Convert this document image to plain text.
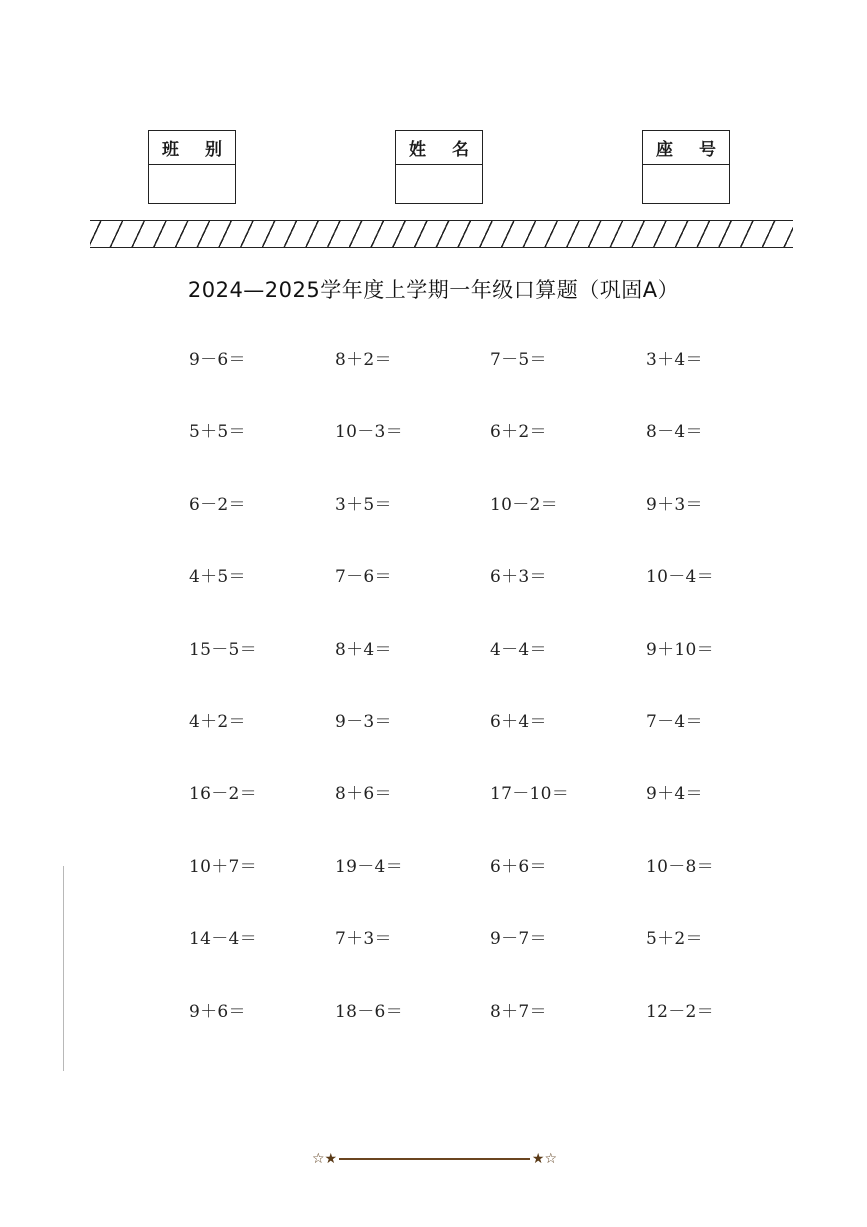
班 别	姓 名	座 号
2024—2025学年度上学期一年级口算题（巩固A）
9－6＝	8＋2＝	7－5＝	3＋4＝
5＋5＝	10－3＝	6＋2＝	8－4＝
6－2＝	3＋5＝	10－2＝	9＋3＝
4＋5＝	7－6＝	6＋3＝	10－4＝
15－5＝	8＋4＝	4－4＝	9＋10＝
4＋2＝	9－3＝	6＋4＝	7－4＝
16－2＝	8＋6＝	17－10＝	9＋4＝
10＋7＝	19－4＝	6＋6＝	10－8＝
14－4＝	7＋3＝	9－7＝	5＋2＝
9＋6＝	18－6＝	8＋7＝	12－2＝
☆★	★☆
